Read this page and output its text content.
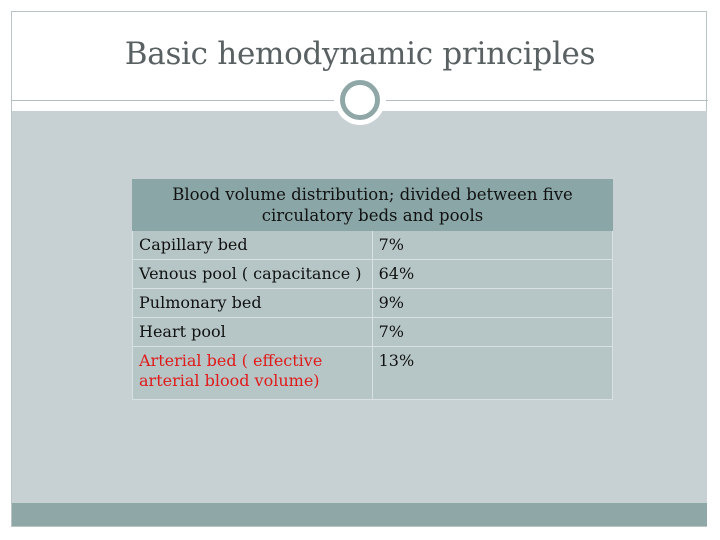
Basic hemodynamic principles
Blood volume distribution; divided between five circulatory beds and pools	
Capillary bed	7%
Venous pool ( capacitance )	64%
Pulmonary bed	9%
Heart pool	7%
Arterial bed ( effective arterial blood volume)	13%
